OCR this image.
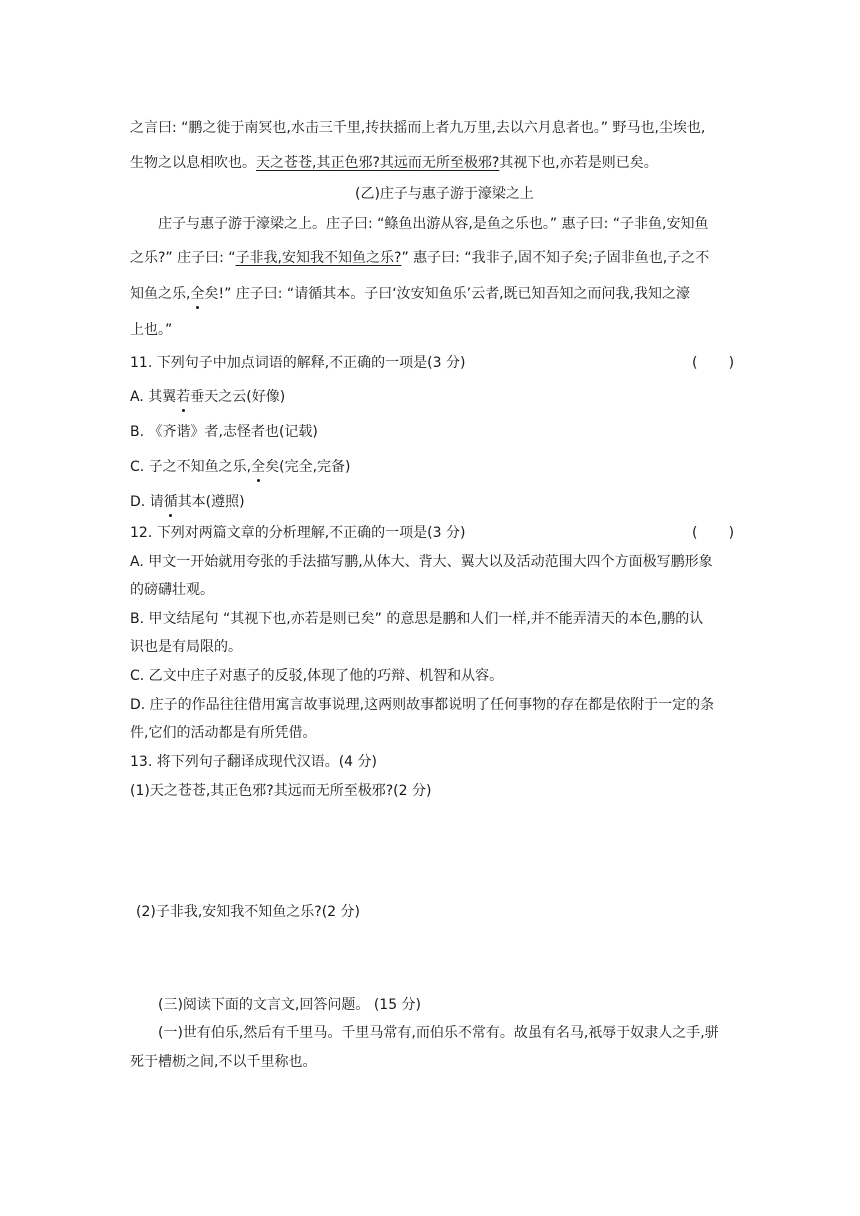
之言曰: “鹏之徙于南冥也,水击三千里,抟扶摇而上者九万里,去以六月息者也。” 野马也,尘埃也,
生物之以息相吹也。天之苍苍,其正色邪?其远而无所至极邪?其视下也,亦若是则已矣。
(乙)庄子与惠子游于濠梁之上
庄子与惠子游于濠梁之上。庄子曰: “鲦鱼出游从容,是鱼之乐也。” 惠子曰: “子非鱼,安知鱼
之乐?” 庄子曰: “子非我,安知我不知鱼之乐?” 惠子曰: “我非子,固不知子矣;子固非鱼也,子之不
知鱼之乐,全矣!” 庄子曰: “请循其本。子曰‘汝安知鱼乐’云者,既已知吾知之而问我,我知之濠
上也。”
11. 下列句子中加点词语的解释,不正确的一项是(3 分)	(       )
A. 其翼若垂天之云(好像)
B. 《齐谐》者,志怪者也(记载)
C. 子之不知鱼之乐,全矣(完全,完备)
D. 请循其本(遵照)
12. 下列对两篇文章的分析理解,不正确的一项是(3 分)	(       )
A. 甲文一开始就用夸张的手法描写鹏,从体大、背大、翼大以及活动范围大四个方面极写鹏形象
的磅礴壮观。
B. 甲文结尾句 “其视下也,亦若是则已矣” 的意思是鹏和人们一样,并不能弄清天的本色,鹏的认
识也是有局限的。
C. 乙文中庄子对惠子的反驳,体现了他的巧辩、机智和从容。
D. 庄子的作品往往借用寓言故事说理,这两则故事都说明了任何事物的存在都是依附于一定的条
件,它们的活动都是有所凭借。
13. 将下列句子翻译成现代汉语。(4 分)
(1)天之苍苍,其正色邪?其远而无所至极邪?(2 分)
(2)子非我,安知我不知鱼之乐?(2 分)
(三)阅读下面的文言文,回答问题。 (15 分)
(一)世有伯乐,然后有千里马。千里马常有,而伯乐不常有。故虽有名马,祇辱于奴隶人之手,骈
死于槽枥之间,不以千里称也。
